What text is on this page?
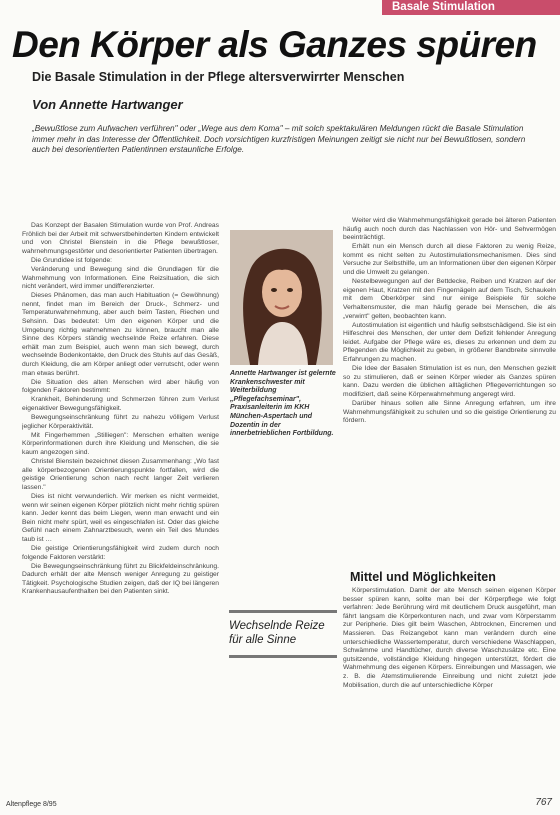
Basale Stimulation
Den Körper als Ganzes spüren
Die Basale Stimulation in der Pflege altersverwirrter Menschen
Von Annette Hartwanger
„Bewußtlose zum Aufwachen verführen" oder „Wege aus dem Koma" – mit solch spektakulären Meldungen rückt die Basale Stimulation immer mehr in das Interesse der Öffentlichkeit. Doch vorsichtigen kurzfristigen Meinungen zeitigt sie nicht nur bei Bewußtlosen, sondern auch bei desorientierten Patientinnen erstaunliche Erfolge.

Das Konzept der Basalen Stimulation wurde von Prof. Andreas Fröhlich bei der Arbeit mit schwerstbehinderten Kindern entwickelt und von Christel Bienstein in die Pflege bewußtloser, wahrnehmungsgestörter und desorientierter Patienten übertragen.

Die Grundidee ist folgende:

Veränderung und Bewegung sind die Grundlagen für die Wahrnehmung von Informationen. Eine Reizsituation, die sich nicht verändert, wird immer undifferenzierter.

Dieses Phänomen, das man auch Habituation (= Gewöhnung) nennt, findet man im Bereich der Druck-, Schmerz- und Temperaturwahrnehmung, aber auch beim Tasten, Riechen und Sehsinn. Das bedeutet: Um den eigenen Körper und die Umgebung richtig wahrnehmen zu können, braucht man alle Sinne des Körpers ständig wechselnde Reize erfahren. Diese erhält man zum Beispiel, auch wenn man sich bewegt, durch wechselnde Bodenkontakte, den Druck des Stuhls auf das Gesäß, durch Kleidung, die am Körper anliegt oder verrutscht, oder wenn man etwas berührt.

Die Situation des alten Menschen wird aber häufig von folgenden Faktoren bestimmt:

Krankheit, Behinderung und Schmerzen führen zum Verlust eigenaktiver Bewegungsfähigkeit.

Bewegungseinschränkung führt zu nahezu völligem Verlust jeglicher Körperaktivität.

Mit Fingerhemmen „Stilliegen": Menschen erhalten wenige Körperinformationen durch ihre Kleidung und Menschen, die sie kaum angezogen sind.

Christel Bienstein bezeichnet diesen Zusammenhang: „Wo fast alle körperbezogenen Orientierungspunkte fortfallen, wird die geistige Orientierung schon nach recht langer Zeit verlieren lassen."

Dies ist nicht verwunderlich. Wir merken es nicht vermeidet, wenn wir seinen eigenen Körper plötzlich nicht mehr richtig spüren kann. Jeder kennt das beim Liegen, wenn man erwacht und ein Bein nicht mehr spürt, weil es eingeschlafen ist. Oder das gleiche Gefühl nach einem Zahnarztbesuch, wenn ein Teil des Mundes taub ist …

Die geistige Orientierungsfähigkeit wird zudem durch noch folgende Faktoren verstärkt:

Die Bewegungseinschränkung führt zu Blickfeldeinschränkung. Dadurch erhält der alte Mensch weniger Anregung zu geistiger Tätigkeit. Psychologische Studien zeigen, daß der IQ bei längeren Krankenhausaufenthalten bei den Patienten sinkt.

Annette Hartwanger ist gelernte Krankenschwester mit Weiterbildung „Pflegefachseminar", Praxisanleiterin im KKH München-Aspertach und Dozentin in der innerbetrieblichen Fortbildung.
Wechselnde Reize für alle Sinne

Weiter wird die Wahrnehmungsfähigkeit gerade bei älteren Patienten häufig auch noch durch das Nachlassen von Hör- und Sehvermögen beeinträchtigt.

Erhält nun ein Mensch durch all diese Faktoren zu wenig Reize, kommt es nicht selten zu Autostimulationsmechanismen. Dies sind Versuche zur Selbsthilfe, um an Informationen über den eigenen Körper und die Umwelt zu gelangen.

Nestelbewegungen auf der Bettdecke, Reiben und Kratzen auf der eigenen Haut, Kratzen mit den Fingernägeln auf dem Tisch, Schaukeln mit dem Oberkörper sind nur einige Beispiele für solche Verhaltensmuster, die man häufig gerade bei Menschen, die als „verwirrt" gelten, beobachten kann.

Autostimulation ist eigentlich und häufig selbstschädigend. Sie ist ein Hilfeschrei des Menschen, der unter dem Defizit fehlender Anregung leidet. Aufgabe der Pflege wäre es, dieses zu erkennen und dem zu Pflegenden die Möglichkeit zu geben, in größerer Bandbreite sinnvolle Erfahrungen zu machen.

Die Idee der Basalen Stimulation ist es nun, den Menschen gezielt so zu stimulieren, daß er seinen Körper wieder als Ganzes spüren kann. Dazu werden die üblichen alltäglichen Pflegeverrichtungen so modifiziert, daß seine Körperwahrnehmung angeregt wird.

Darüber hinaus sollen alle Sinne Anregung erfahren, um ihre Wahrnehmungsfähigkeit zu schulen und so die geistige Orientierung zu fördern.

Mittel und Möglichkeiten

Körperstimulation. Damit der alte Mensch seinen eigenen Körper besser spüren kann, sollte man bei der Körperpflege wie folgt verfahren: Jede Berührung wird mit deutlichem Druck ausgeführt, man fährt langsam die Körperkonturen nach, und zwar vom Körperstamm zur Peripherie. Dies gilt beim Waschen, Abtrocknen, Eincremen und Massieren. Das Reizangebot kann man verändern durch eine unterschiedliche Wassertemperatur, durch verschiedene Waschlappen, Schwämme und Handtücher, durch diverse Waschzusätze etc. Eine gutsitzende, vollständige Kleidung hingegen unterstützt, fördert die Wahrnehmung des eigenen Körpers. Einreibungen und Massagen, wie z. B. die Atemstimulierende Einreibung und nicht zuletzt jede Mobilisation, durch die auf unterschiedliche Körper

Altenpflege 8/95	767
